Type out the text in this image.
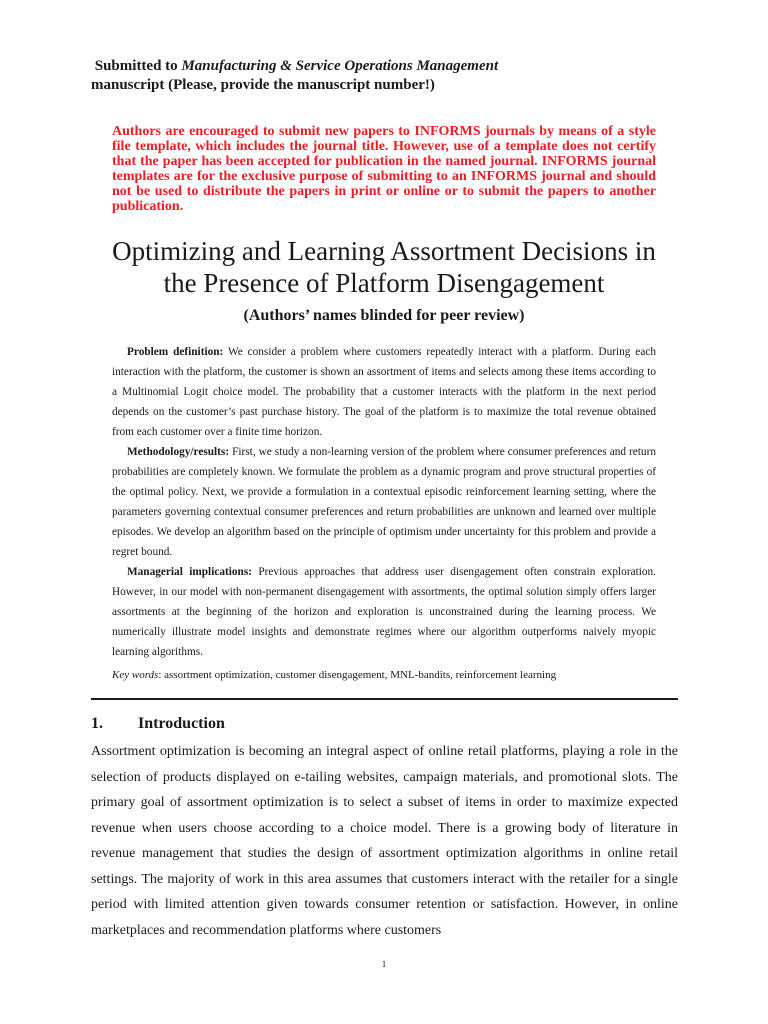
Submitted to Manufacturing & Service Operations Management
manuscript (Please, provide the manuscript number!)
Authors are encouraged to submit new papers to INFORMS journals by means of a style file template, which includes the journal title. However, use of a template does not certify that the paper has been accepted for publication in the named journal. INFORMS journal templates are for the exclusive purpose of submitting to an INFORMS journal and should not be used to distribute the papers in print or online or to submit the papers to another publication.
Optimizing and Learning Assortment Decisions in
the Presence of Platform Disengagement
(Authors’ names blinded for peer review)

Problem definition: We consider a problem where customers repeatedly interact with a platform. During each interaction with the platform, the customer is shown an assortment of items and selects among these items according to a Multinomial Logit choice model. The probability that a customer interacts with the platform in the next period depends on the customer’s past purchase history. The goal of the platform is to maximize the total revenue obtained from each customer over a finite time horizon.

Methodology/results: First, we study a non-learning version of the problem where consumer preferences and return probabilities are completely known. We formulate the problem as a dynamic program and prove structural properties of the optimal policy. Next, we provide a formulation in a contextual episodic reinforcement learning setting, where the parameters governing contextual consumer preferences and return probabilities are unknown and learned over multiple episodes. We develop an algorithm based on the principle of optimism under uncertainty for this problem and provide a regret bound.

Managerial implications: Previous approaches that address user disengagement often constrain exploration. However, in our model with non-permanent disengagement with assortments, the optimal solution simply offers larger assortments at the beginning of the horizon and exploration is unconstrained during the learning process. We numerically illustrate model insights and demonstrate regimes where our algorithm outperforms naively myopic learning algorithms.

Key words: assortment optimization, customer disengagement, MNL-bandits, reinforcement learning

1. Introduction

Assortment optimization is becoming an integral aspect of online retail platforms, playing a role in the selection of products displayed on e-tailing websites, campaign materials, and promotional slots. The primary goal of assortment optimization is to select a subset of items in order to maximize expected revenue when users choose according to a choice model. There is a growing body of literature in revenue management that studies the design of assortment optimization algorithms in online retail settings. The majority of work in this area assumes that customers interact with the retailer for a single period with limited attention given towards consumer retention or satisfaction. However, in online marketplaces and recommendation platforms where customers

1
